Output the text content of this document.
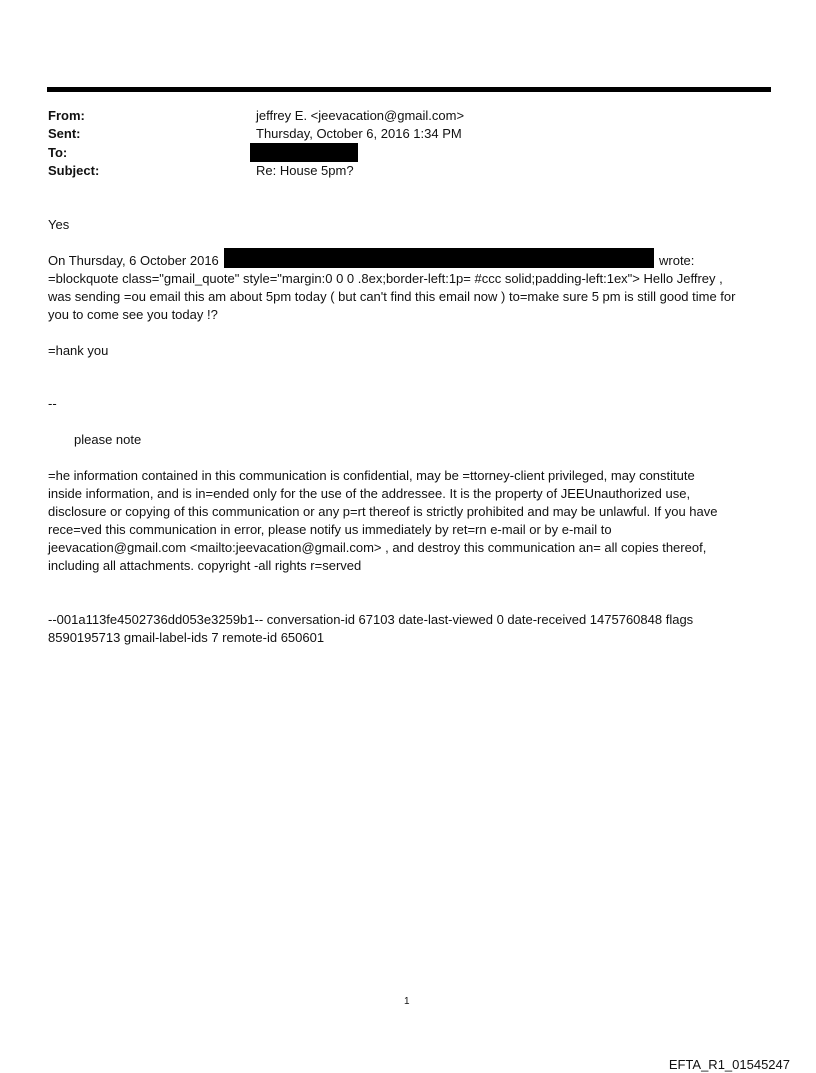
From:	jeffrey E. <jeevacation@gmail.com>
Sent:	Thursday, October 6, 2016 1:34 PM
To:
Subject:	Re: House 5pm?
Yes
On Thursday, 6 October 2016	wrote:
=blockquote class="gmail_quote" style="margin:0 0 0 .8ex;border-left:1p= #ccc solid;padding-left:1ex"> Hello Jeffrey ,
was sending =ou email this am about 5pm today ( but can't find this email now ) to=make sure 5 pm is still good time for
you to come see you today !?
=hank you
--
please note
=he information contained in this communication is confidential, may be =ttorney-client privileged, may constitute
inside information, and is in=ended only for the use of the addressee. It is the property of JEEUnauthorized use,
disclosure or copying of this communication or any p=rt thereof is strictly prohibited and may be unlawful. If you have
rece=ved this communication in error, please notify us immediately by ret=rn e-mail or by e-mail to
jeevacation@gmail.com <mailto:jeevacation@gmail.com> , and destroy this communication an= all copies thereof,
including all attachments. copyright -all rights r=served
--001a113fe4502736dd053e3259b1-- conversation-id 67103 date-last-viewed 0 date-received 1475760848 flags
8590195713 gmail-label-ids 7 remote-id 650601
1
EFTA_R1_01545247
